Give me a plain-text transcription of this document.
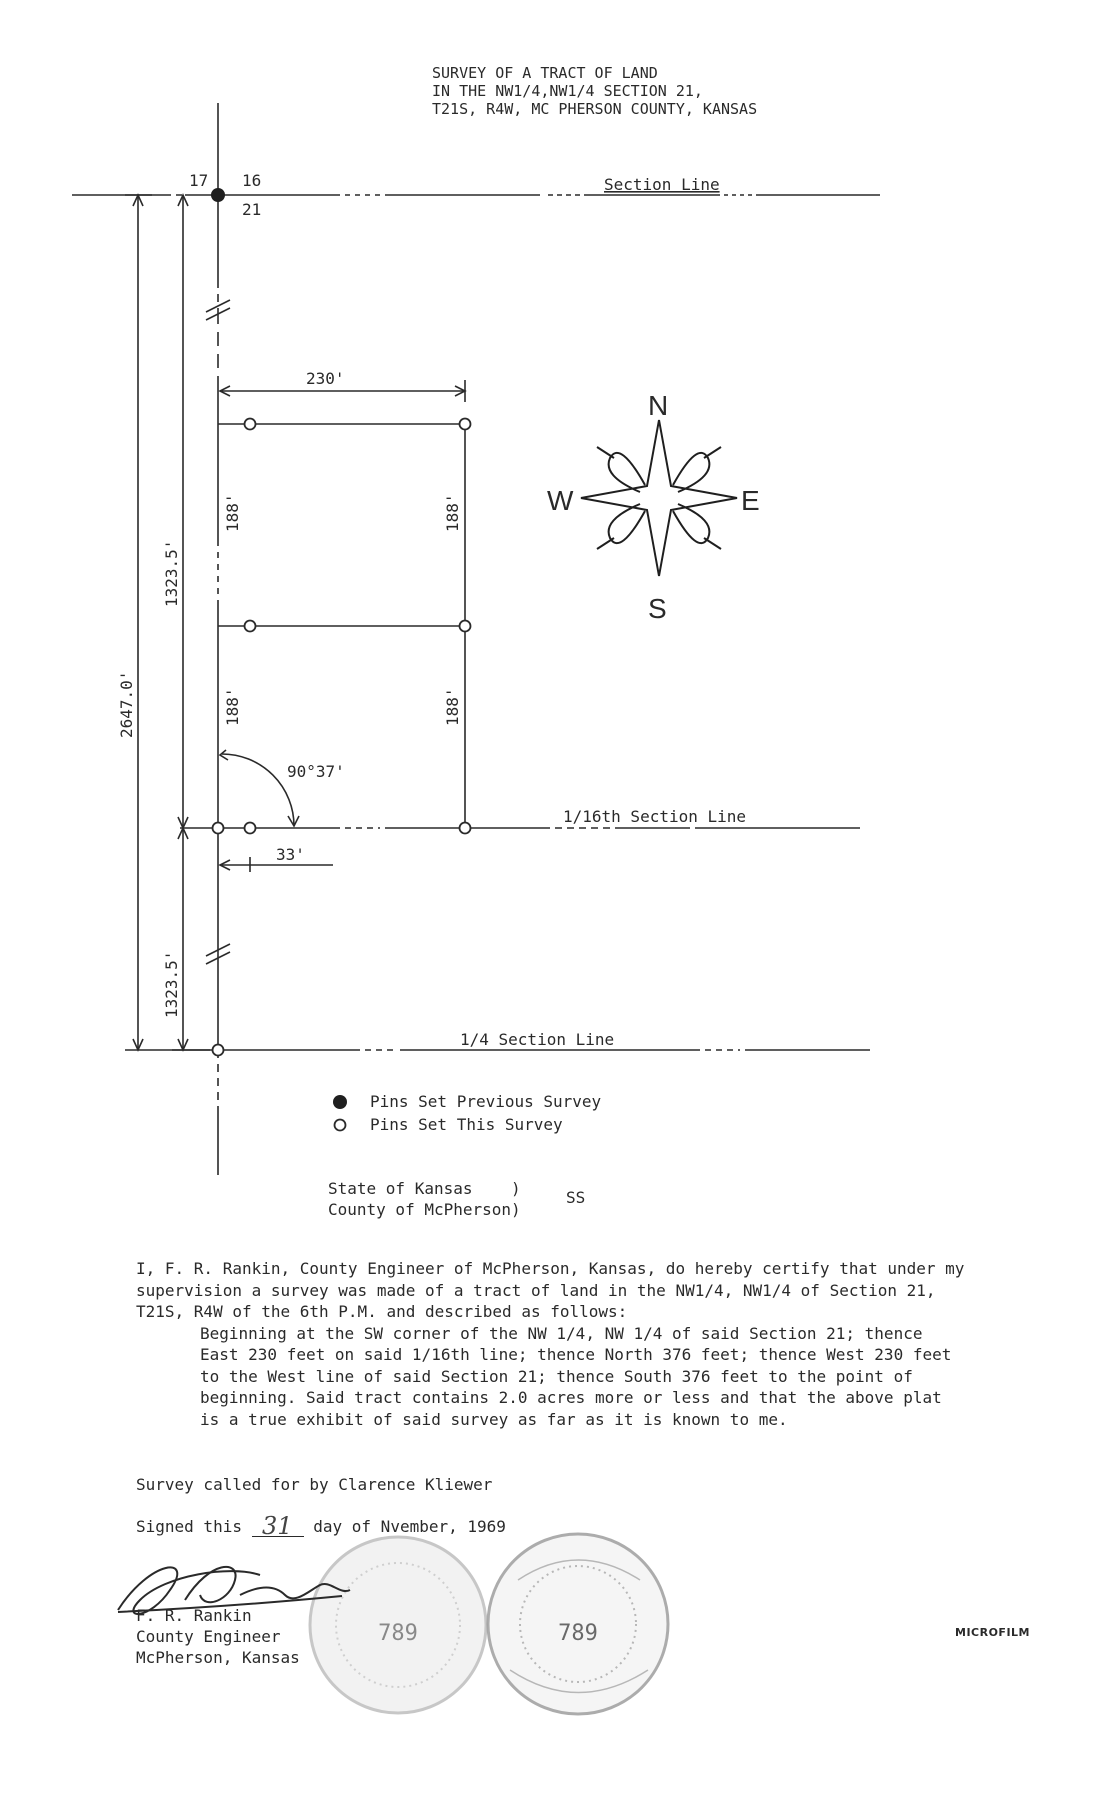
SURVEY OF A TRACT OF LAND
IN THE NW1/4,NW1/4 SECTION 21,
T21S, R4W, MC PHERSON COUNTY, KANSAS
17 16
21
Section Line
1/16th Section Line
1/4 Section Line
230'
90°37'
33'
188'
188'
188'
188'
2647.0'
1323.5'
1323.5'
N
E
S
W
789	789
Pins Set Previous Survey
Pins Set This Survey
State of Kansas    )
County of McPherson)
SS

I, F. R. Rankin, County Engineer of McPherson, Kansas, do hereby certify that under my supervision a survey was made of a tract of land in the NW1/4, NW1/4 of Section 21, T21S, R4W of the 6th P.M. and described as follows:

Beginning at the SW corner of the NW 1/4, NW 1/4 of said Section 21; thence East 230 feet on said 1/16th line; thence North 376 feet; thence West 230 feet to the West line of said Section 21; thence South 376 feet to the point of beginning. Said tract contains 2.0 acres more or less and that the above plat is a true exhibit of said survey as far as it is known to me.

Survey called for by Clarence Kliewer
Signed this	day of Nvember, 1969
31
F. R. Rankin
County Engineer
McPherson, Kansas
MICROFILM
